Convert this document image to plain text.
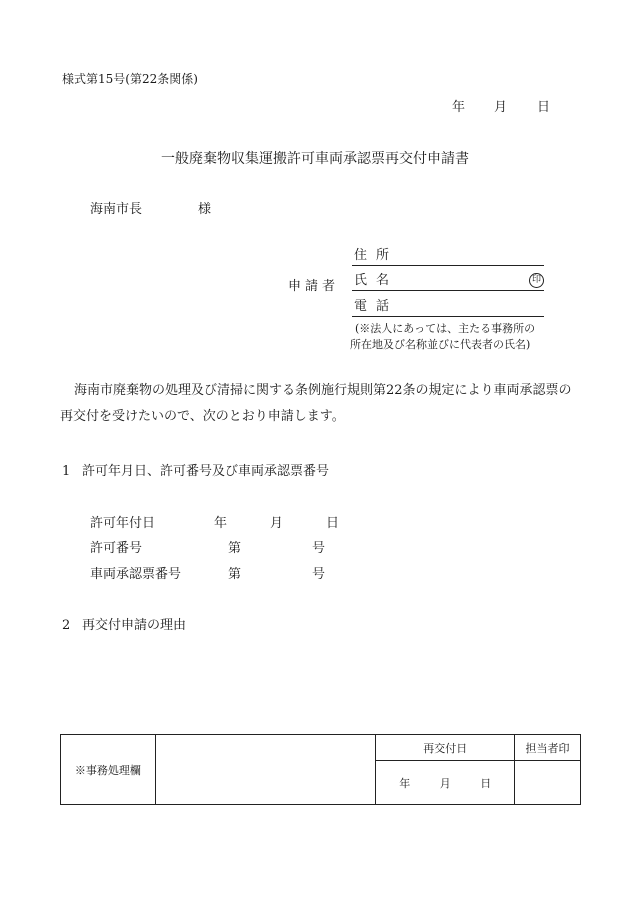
様式第15号(第22条関係)
年 月 日
一般廃棄物収集運搬許可車両承認票再交付申請書
海南市長	様
申請者
住 所
氏 名	印
電 話
(※法人にあっては、主たる事務所の
所在地及び名称並びに代表者の氏名)
海南市廃棄物の処理及び清掃に関する条例施行規則第22条の規定により車両承認票の再交付を受けたいので、次のとおり申請します。
1 許可年月日、許可番号及び車両承認票番号
許可年付日	年	月	日
許可番号	第	号
車両承認票番号	第	号
2 再交付申請の理由
※事務処理欄		再交付日	担当者印
		年 月 日	
